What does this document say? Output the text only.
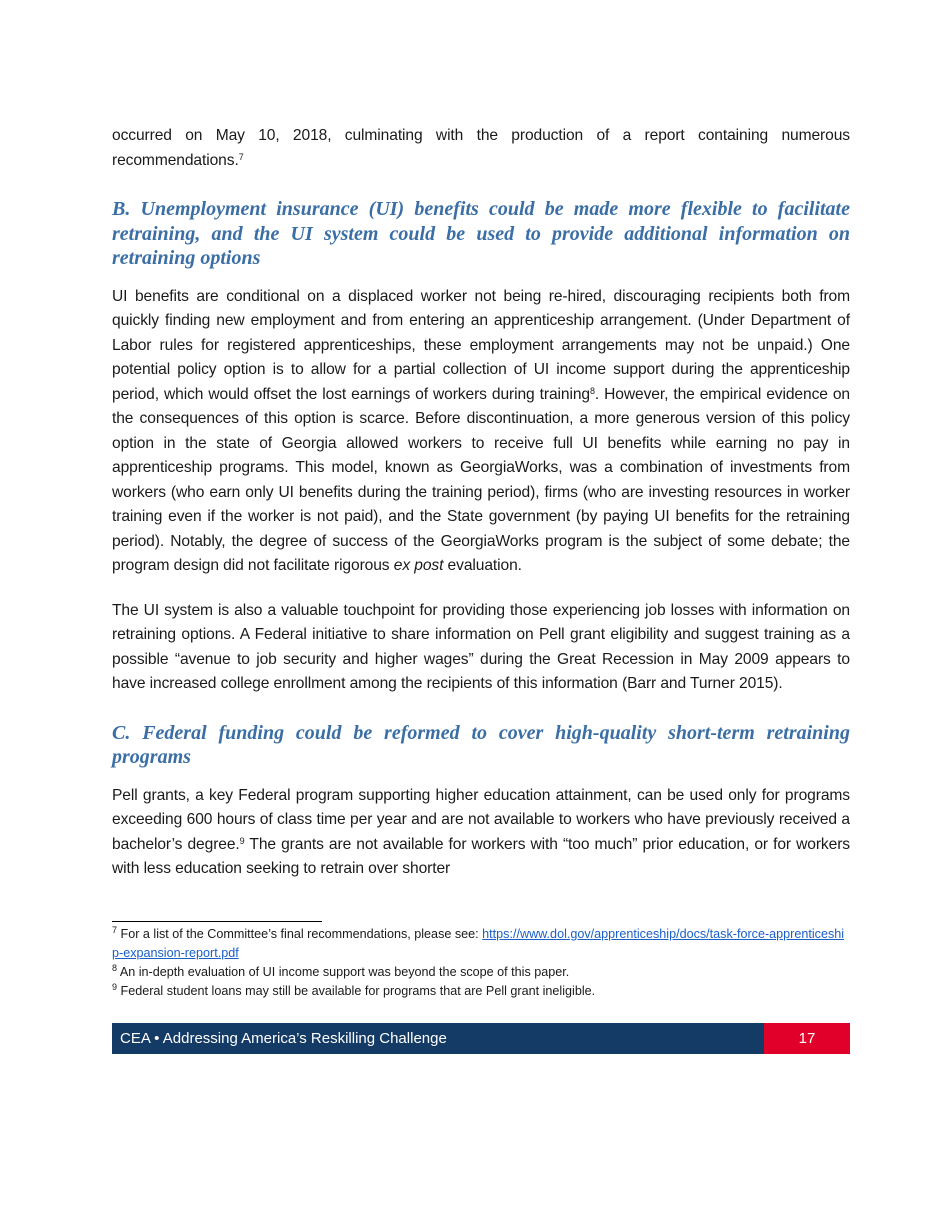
occurred on May 10, 2018, culminating with the production of a report containing numerous recommendations.$^7$

B. Unemployment insurance (UI) benefits could be made more flexible to facilitate retraining, and the UI system could be used to provide additional information on retraining options

UI benefits are conditional on a displaced worker not being re-hired, discouraging recipients both from quickly finding new employment and from entering an apprenticeship arrangement. (Under Department of Labor rules for registered apprenticeships, these employment arrangements may not be unpaid.) One potential policy option is to allow for a partial collection of UI income support during the apprenticeship period, which would offset the lost earnings of workers during training$^8$. However, the empirical evidence on the consequences of this option is scarce. Before discontinuation, a more generous version of this policy option in the state of Georgia allowed workers to receive full UI benefits while earning no pay in apprenticeship programs. This model, known as GeorgiaWorks, was a combination of investments from workers (who earn only UI benefits during the training period), firms (who are investing resources in worker training even if the worker is not paid), and the State government (by paying UI benefits for the retraining period). Notably, the degree of success of the GeorgiaWorks program is the subject of some debate; the program design did not facilitate rigorous ex post evaluation.

The UI system is also a valuable touchpoint for providing those experiencing job losses with information on retraining options. A Federal initiative to share information on Pell grant eligibility and suggest training as a possible “avenue to job security and higher wages” during the Great Recession in May 2009 appears to have increased college enrollment among the recipients of this information (Barr and Turner 2015).

C. Federal funding could be reformed to cover high-quality short-term retraining programs

Pell grants, a key Federal program supporting higher education attainment, can be used only for programs exceeding 600 hours of class time per year and are not available to workers who have previously received a bachelor’s degree.$^9$ The grants are not available for workers with “too much” prior education, or for workers with less education seeking to retrain over shorter

$^7$ For a list of the Committee’s final recommendations, please see: https://www.dol.gov/apprenticeship/docs/task-force-apprenticeship-expansion-report.pdf
$^8$ An in-depth evaluation of UI income support was beyond the scope of this paper.
$^9$ Federal student loans may still be available for programs that are Pell grant ineligible.
CEA • Addressing America’s Reskilling Challenge	17
